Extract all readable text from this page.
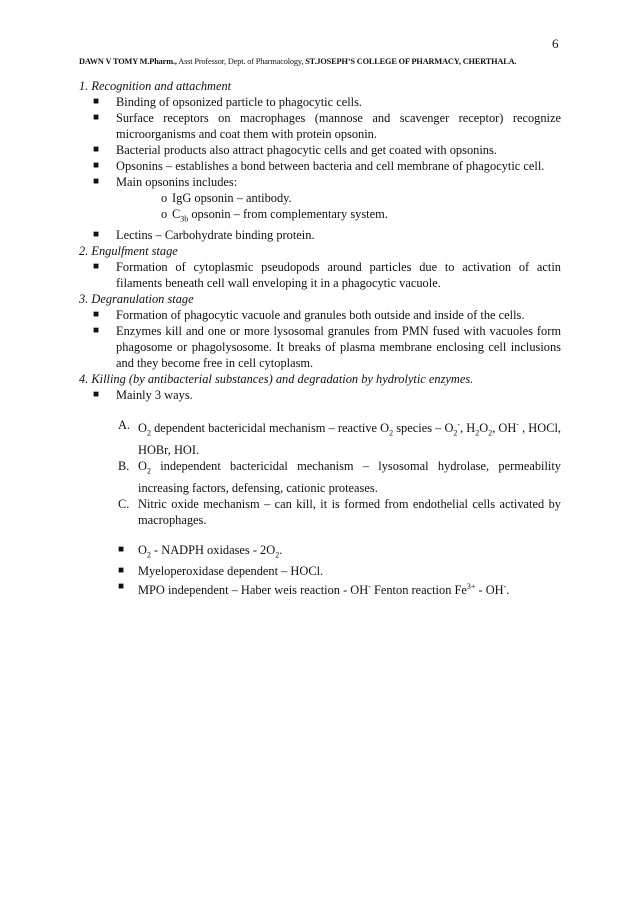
6
DAWN V TOMY M.Pharm., Asst Professor, Dept. of Pharmacology, ST.JOSEPH’S COLLEGE OF PHARMACY, CHERTHALA.

1. Recognition and attachment

■ Binding of opsonized particle to phagocytic cells.

■ Surface receptors on macrophages (mannose and scavenger receptor) recognize microorganisms and coat them with protein opsonin.

■ Bacterial products also attract phagocytic cells and get coated with opsonins.

■ Opsonins – establishes a bond between bacteria and cell membrane of phagocytic cell.

■ Main opsonins includes:

o IgG opsonin – antibody.

o $C_{3b}$ opsonin – from complementary system.

■ Lectins – Carbohydrate binding protein.

2. Engulfment stage

■ Formation of cytoplasmic pseudopods around particles due to activation of actin filaments beneath cell wall enveloping it in a phagocytic vacuole.

3. Degranulation stage

■ Formation of phagocytic vacuole and granules both outside and inside of the cells.

■ Enzymes kill and one or more lysosomal granules from PMN fused with vacuoles form phagosome or phagolysosome. It breaks of plasma membrane enclosing cell inclusions and they become free in cell cytoplasm.

4. Killing (by antibacterial substances) and degradation by hydrolytic enzymes.

■ Mainly 3 ways.

A. $O_2$ dependent bactericidal mechanism – reactive $O_2$ species – $O_2^-$, $H_2O_2$, OH- , HOCl, HOBr, HOI.

B. $O_2$ independent bactericidal mechanism – lysosomal hydrolase, permeability increasing factors, defensing, cationic proteases.

C. Nitric oxide mechanism – can kill, it is formed from endothelial cells activated by macrophages.

■ $O_2$ - NADPH oxidases - $2O_2$.

■ Myeloperoxidase dependent – HOCl.

■ MPO independent – Haber weis reaction - OH- Fenton reaction $Fe^{3+} - OH^-$.
